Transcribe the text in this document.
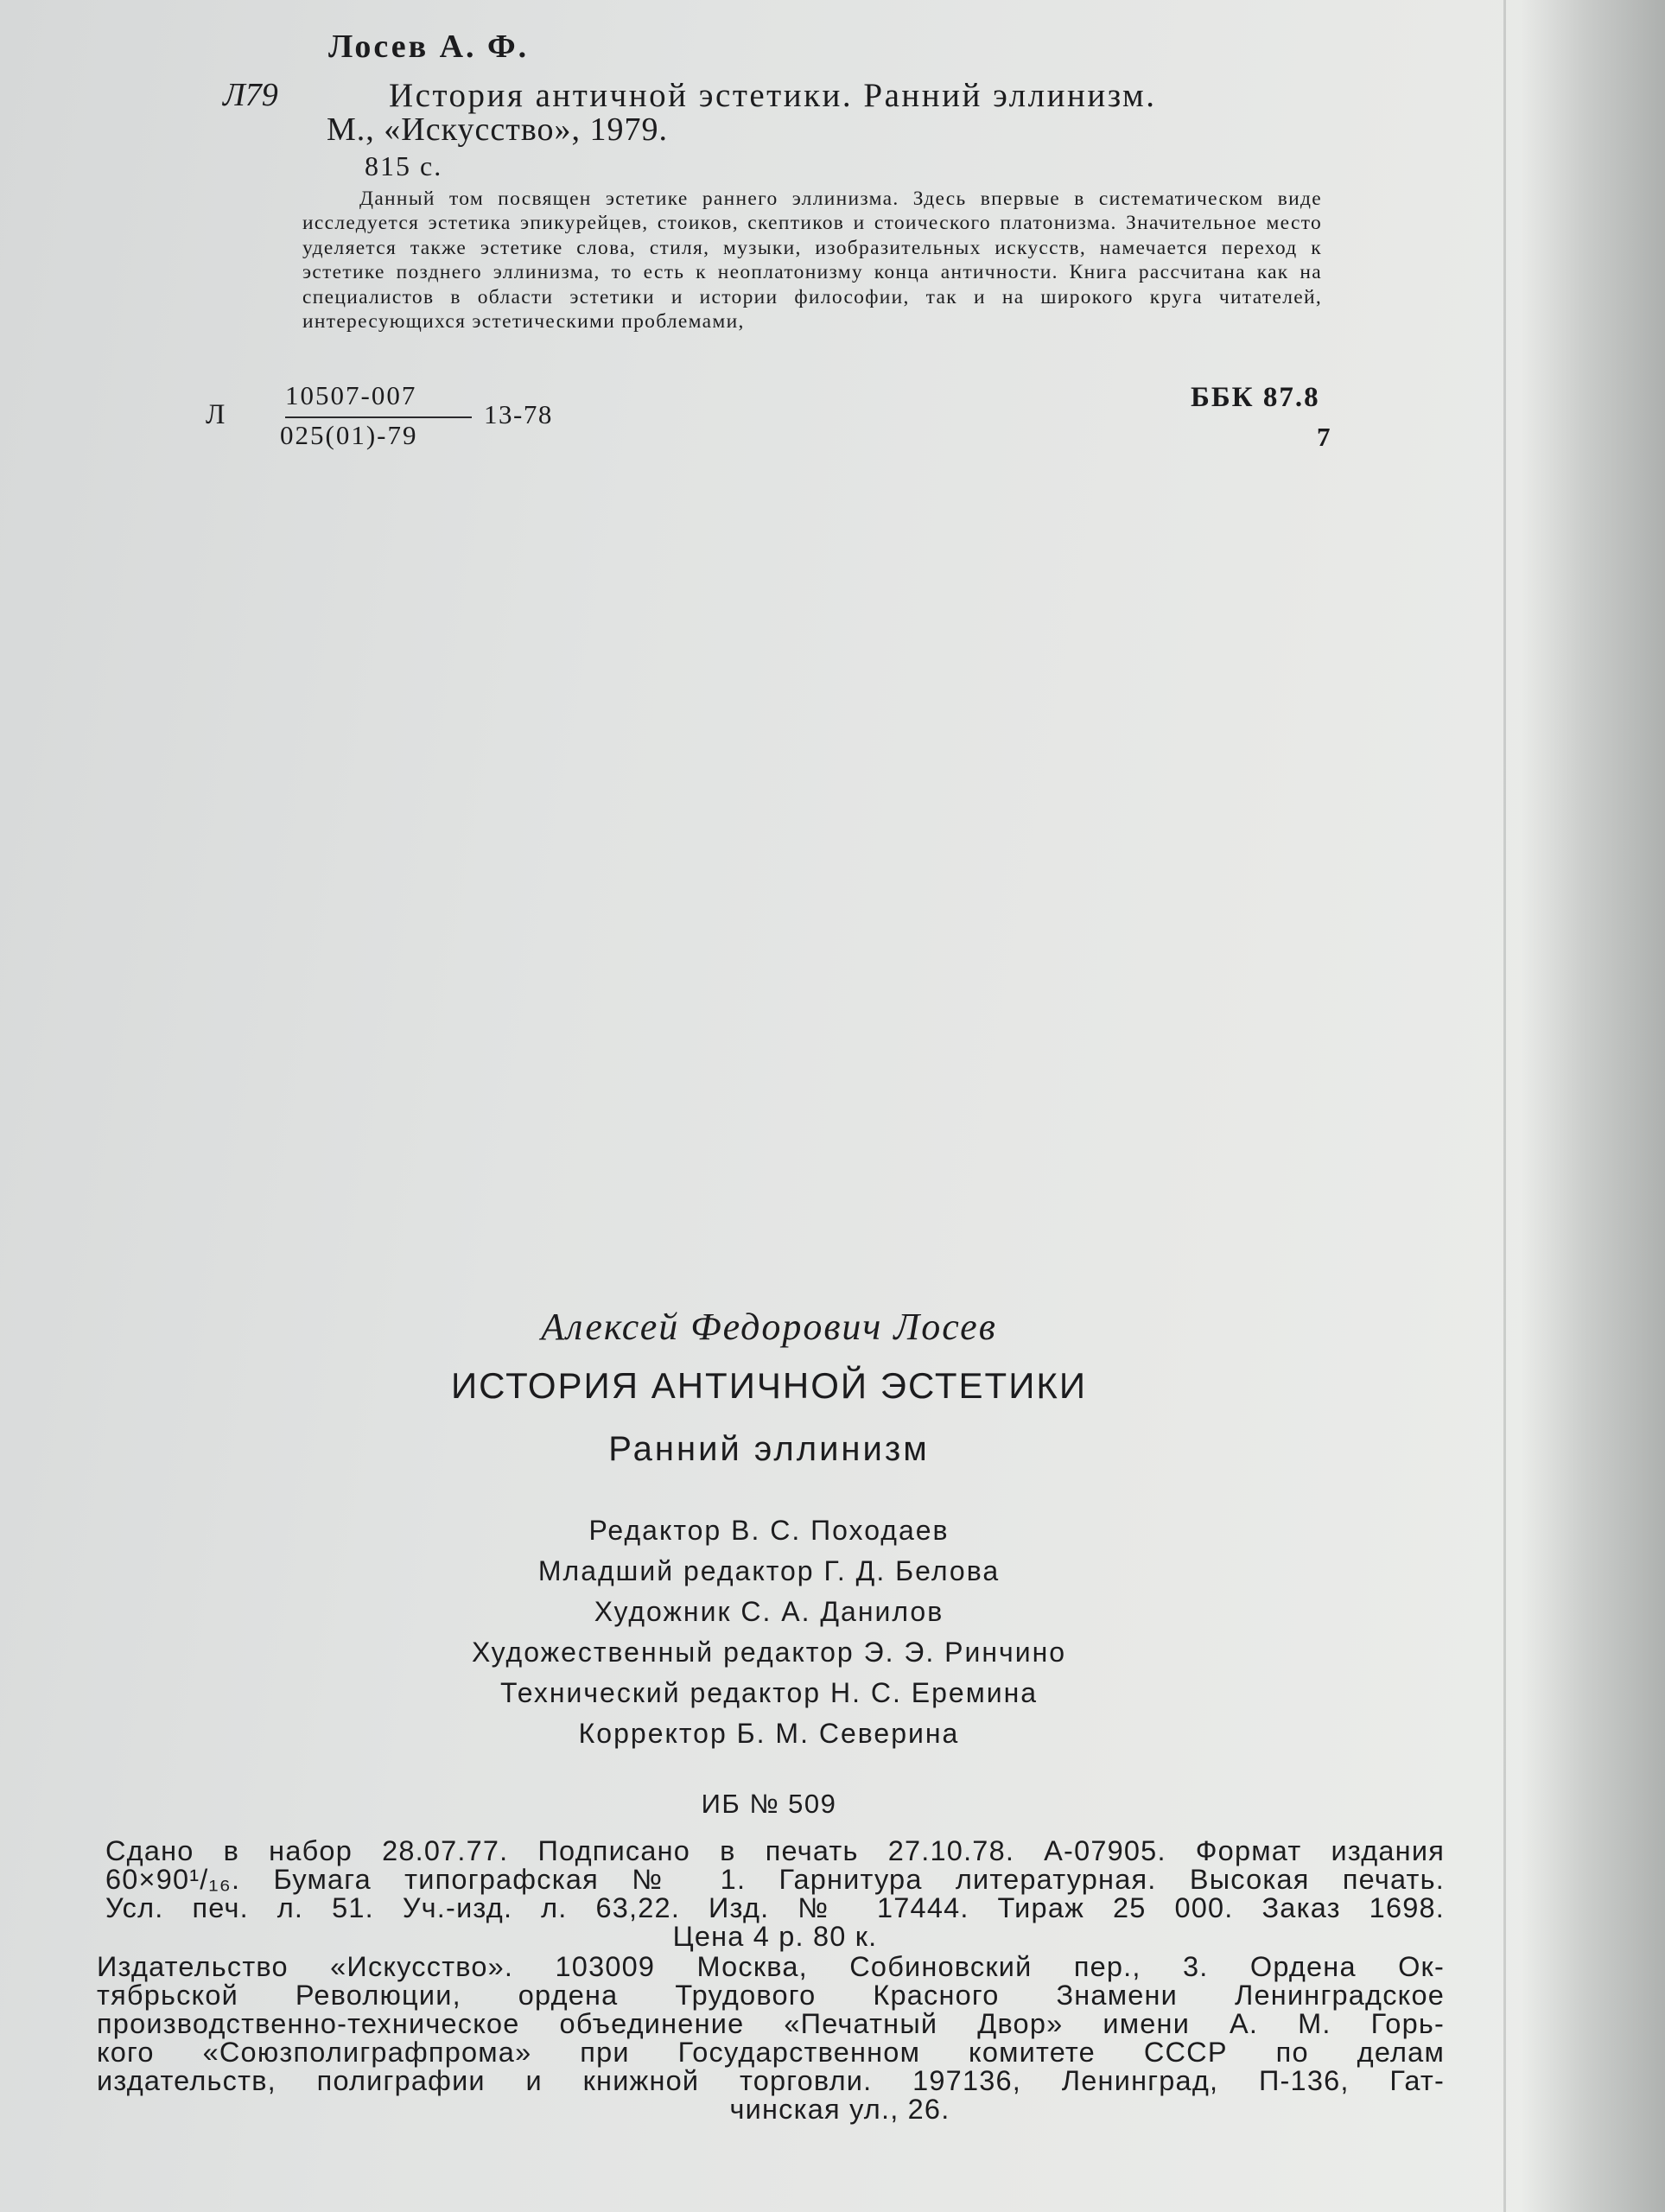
Лосев А. Ф.
Л79	История античной эстетики. Ранний эллинизм.
М., «Искусство», 1979.
815 с.
Данный том посвящен эстетике раннего эллинизма. Здесь впервые в систематическом виде исследуется эстетика эпикурейцев, стоиков, скептиков и стоического платонизма. Значительное место уделяется также эстетике слова, стиля, музыки, изобразительных искусств, намечается переход к эстетике позднего эллинизма, то есть к неоплатонизму конца античности. Книга рассчитана как на специалистов в области эстетики и истории философии, так и на широкого круга читателей, интересующихся эстетическими проблемами,
Л
10507-007
025(01)-79
13-78
ББК 87.8
7
Алексей Федорович Лосев
ИСТОРИЯ АНТИЧНОЙ ЭСТЕТИКИ
Ранний эллинизм
Редактор В. С. Походаев
Младший редактор Г. Д. Белова
Художник С. А. Данилов
Художественный редактор Э. Э. Ринчино
Технический редактор Н. С. Еремина
Корректор Б. М. Северина
ИБ № 509
Сдано в набор 28.07.77. Подписано в печать 27.10.78. А-07905. Формат издания
60×90¹/₁₆. Бумага типографская № 1. Гарнитура литературная. Высокая печать.
Усл. печ. л. 51. Уч.-изд. л. 63,22. Изд. № 17444. Тираж 25 000. Заказ 1698.
Цена 4 р. 80 к.
Издательство «Искусство». 103009 Москва, Собиновский пер., 3. Ордена Ок-
тябрьской Революции, ордена Трудового Красного Знамени Ленинградское
производственно-техническое объединение «Печатный Двор» имени А. М. Горь-
кого «Союзполиграфпрома» при Государственном комитете СССР по делам
издательств, полиграфии и книжной торговли. 197136, Ленинград, П-136, Гат-
чинская ул., 26.
